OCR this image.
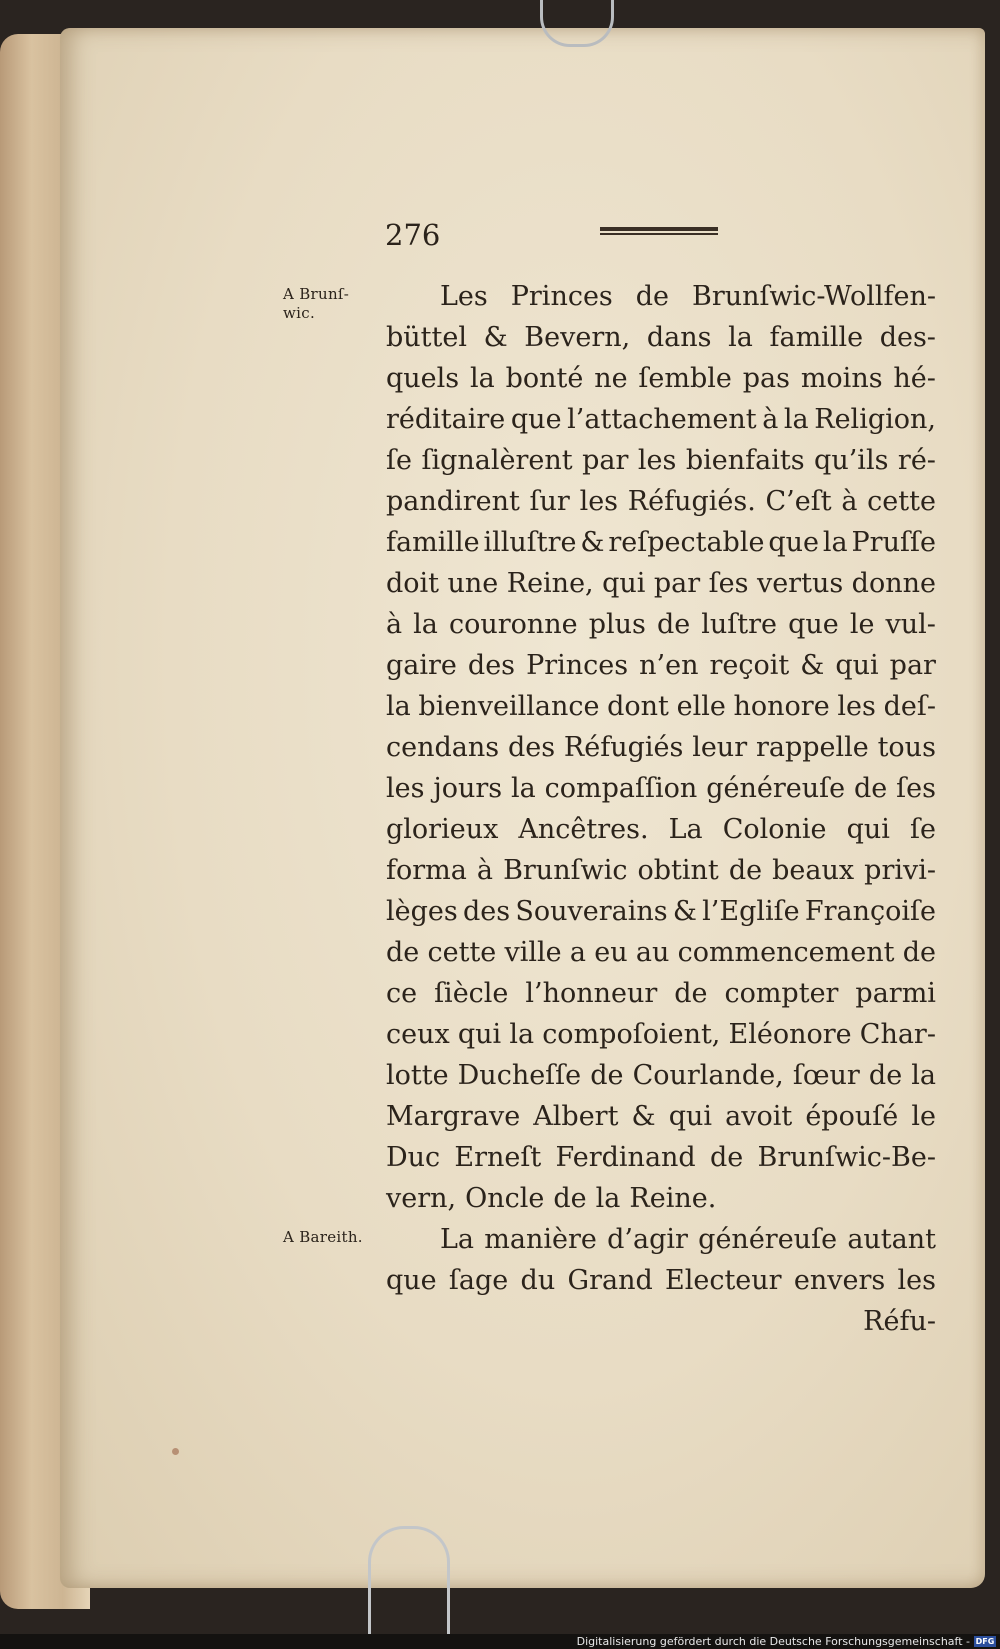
276
A Brunſ-
wic.
A Bareith.
Les Princes de Brunſwic-Wollfen-
büttel & Bevern, dans la famille des-
quels la bonté ne ſemble pas moins hé-
réditaire que l’attachement à la Religion,
ſe ſignalèrent par les bienfaits qu’ils ré-
pandirent ſur les Réfugiés. C’eſt à cette
famille illuſtre & reſpectable que la Pruſſe
doit une Reine, qui par ſes vertus donne
à la couronne plus de luſtre que le vul-
gaire des Princes n’en reçoit & qui par
la bienveillance dont elle honore les deſ-
cendans des Réfugiés leur rappelle tous
les jours la compaſſion généreuſe de ſes
glorieux Ancêtres. La Colonie qui ſe
forma à Brunſwic obtint de beaux privi-
lèges des Souverains & l’Egliſe Françoiſe
de cette ville a eu au commencement de
ce ſiècle l’honneur de compter parmi
ceux qui la compoſoient, Eléonore Char-
lotte Ducheſſe de Courlande, ſœur de la
Margrave Albert & qui avoit épouſé le
Duc Erneſt Ferdinand de Brunſwic-Be-
vern, Oncle de la Reine.
La manière d’agir généreuſe autant
que ſage du Grand Electeur envers les
Réfu-
Digitalisierung gefördert durch die Deutsche Forschungsgemeinschaft - DFG
